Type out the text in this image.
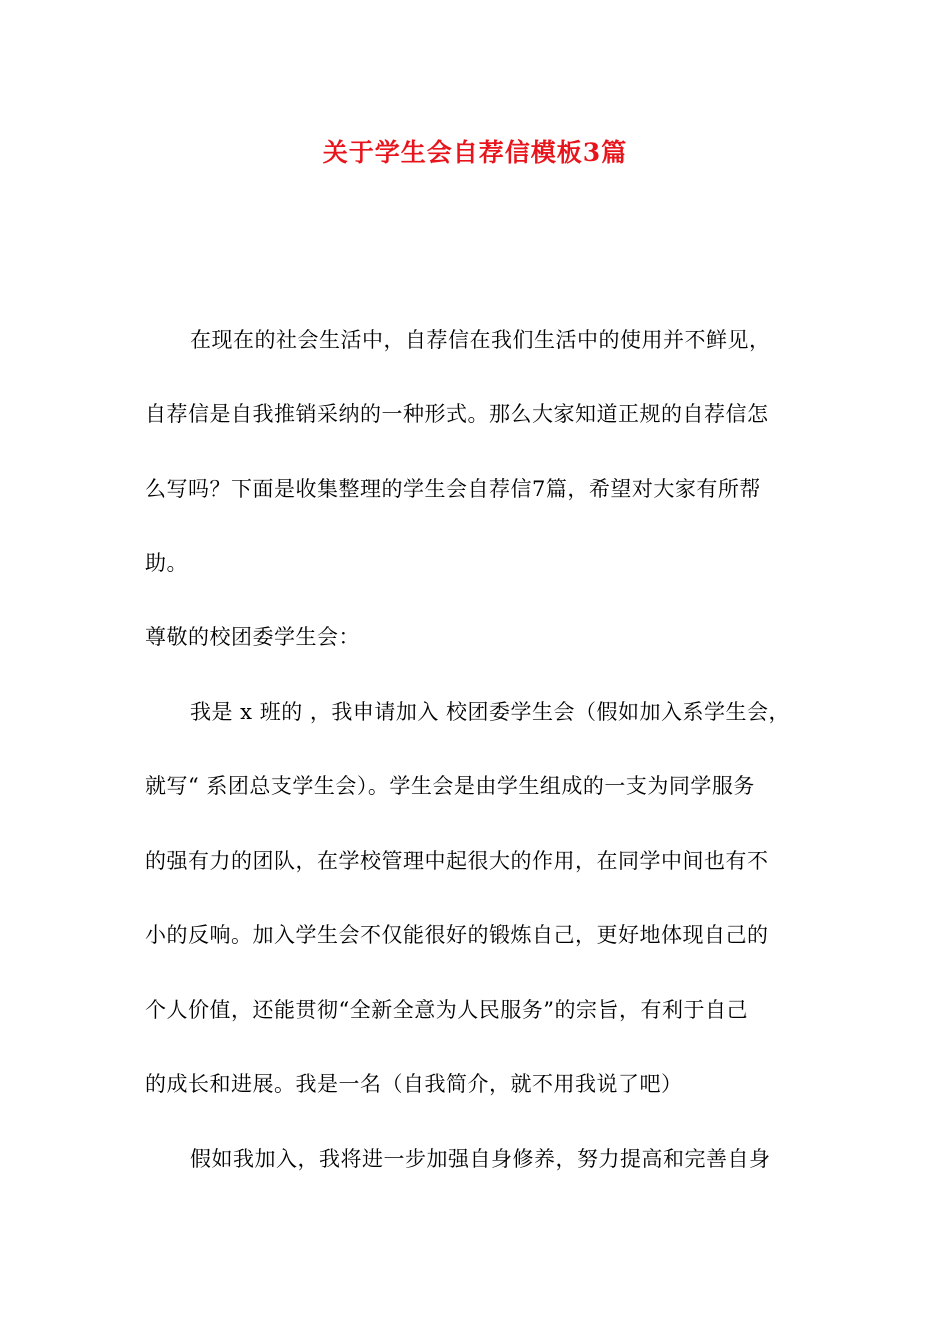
关于学生会自荐信模板3篇
在现在的社会生活中，自荐信在我们生活中的使用并不鲜见，
自荐信是自我推销采纳的一种形式。那么大家知道正规的自荐信怎
么写吗？下面是收集整理的学生会自荐信7篇，希望对大家有所帮
助。
尊敬的校团委学生会：
我是 x 班的 ，我申请加入 校团委学生会（假如加入系学生会，
就写“ 系团总支学生会）。学生会是由学生组成的一支为同学服务
的强有力的团队，在学校管理中起很大的作用，在同学中间也有不
小的反响。加入学生会不仅能很好的锻炼自己，更好地体现自己的
个人价值，还能贯彻“全新全意为人民服务”的宗旨，有利于自己
的成长和进展。我是一名（自我简介，就不用我说了吧）
假如我加入，我将进一步加强自身修养，努力提高和完善自身
